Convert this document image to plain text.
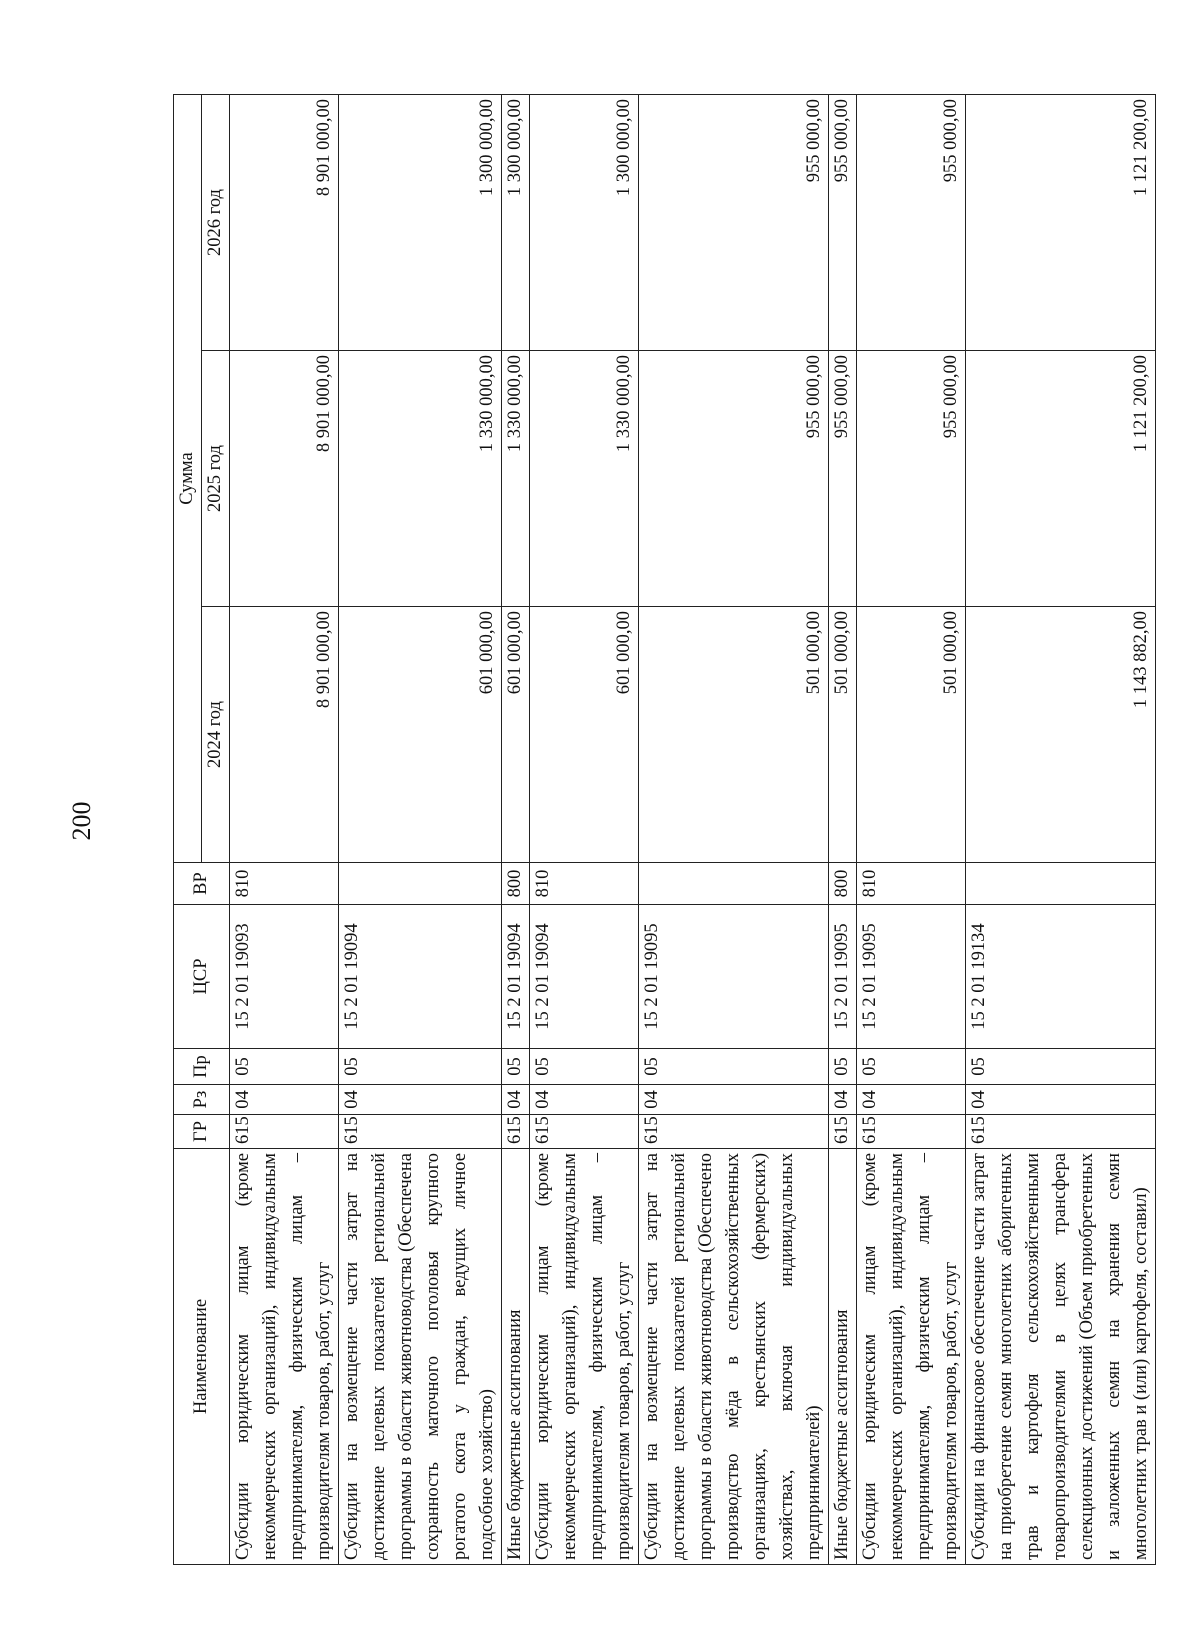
200
Наименование	ГР	Рз	Пр	ЦСР	ВР	Сумма		
						2024 год	2025 год	2026 год
Субсидии юридическим лицам (кроме некоммерческих организаций), индивидуальным предпринимателям, физическим лицам – производителям товаров, работ, услуг	615	04	05	15 2 01 19093	810	8 901 000,00	8 901 000,00	8 901 000,00
Субсидии на возмещение части затрат на достижение целевых показателей региональной программы в области животноводства (Обеспечена сохранность маточного поголовья крупного рогатого скота у граждан, ведущих личное подсобное хозяйство)	615	04	05	15 2 01 19094		601 000,00	1 330 000,00	1 300 000,00
Иные бюджетные ассигнования	615	04	05	15 2 01 19094	800	601 000,00	1 330 000,00	1 300 000,00
Субсидии юридическим лицам (кроме некоммерческих организаций), индивидуальным предпринимателям, физическим лицам – производителям товаров, работ, услуг	615	04	05	15 2 01 19094	810	601 000,00	1 330 000,00	1 300 000,00
Субсидии на возмещение части затрат на достижение целевых показателей региональной программы в области животноводства (Обеспечено производство мёда в сельскохозяйственных организациях, крестьянских (фермерских) хозяйствах, включая индивидуальных предпринимателей)	615	04	05	15 2 01 19095		501 000,00	955 000,00	955 000,00
Иные бюджетные ассигнования	615	04	05	15 2 01 19095	800	501 000,00	955 000,00	955 000,00
Субсидии юридическим лицам (кроме некоммерческих организаций), индивидуальным предпринимателям, физическим лицам – производителям товаров, работ, услуг	615	04	05	15 2 01 19095	810	501 000,00	955 000,00	955 000,00
Субсидии на финансовое обеспечение части затрат на приобретение семян многолетних аборигенных трав и картофеля сельскохозяйственными товаропроизводителями в целях трансфера селекционных достижений (Объем приобретенных и заложенных семян на хранения семян многолетних трав и (или) картофеля, составил)	615	04	05	15 2 01 19134		1 143 882,00	1 121 200,00	1 121 200,00
